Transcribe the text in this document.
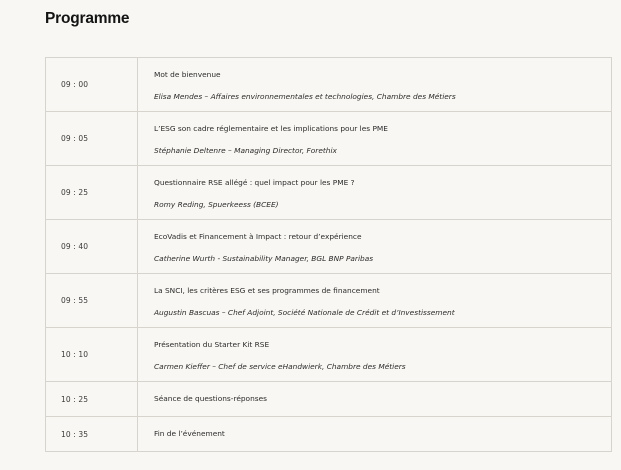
Programme
09 : 00
Mot de bienvenue
Elisa Mendes – Affaires environnementales et technologies, Chambre des Métiers
09 : 05
L’ESG son cadre réglementaire et les implications pour les PME
Stéphanie Deltenre – Managing Director, Forethix
09 : 25
Questionnaire RSE allégé : quel impact pour les PME ?
Romy Reding, Spuerkeess (BCEE)
09 : 40
EcoVadis et Financement à Impact : retour d’expérience
Catherine Wurth - Sustainability Manager, BGL BNP Paribas
09 : 55
La SNCI, les critères ESG et ses programmes de financement
Augustin Bascuas – Chef Adjoint, Société Nationale de Crédit et d’Investissement
10 : 10
Présentation du Starter Kit RSE
Carmen Kieffer – Chef de service eHandwierk, Chambre des Métiers
10 : 25	Séance de questions-réponses
10 : 35	Fin de l’événement
